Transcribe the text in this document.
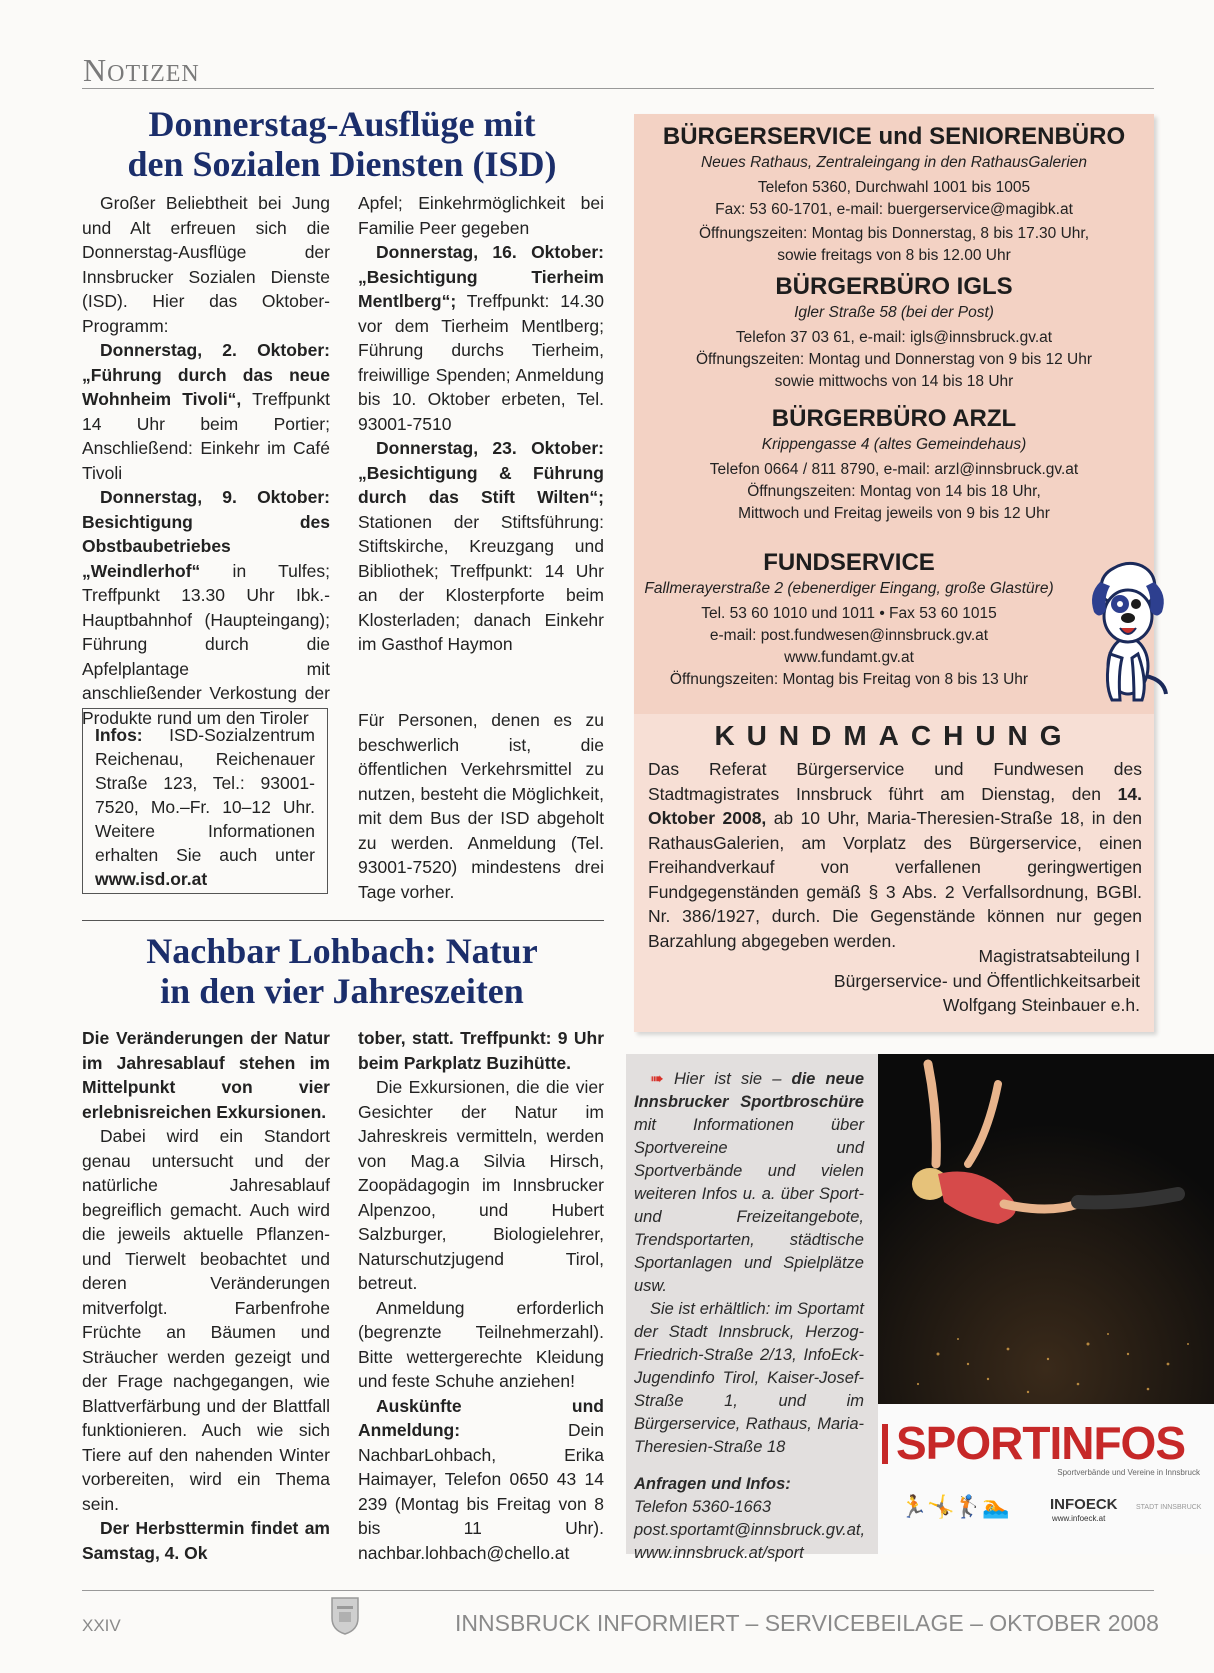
NOTIZEN
Donnerstag-Ausflüge mit
den Sozialen Diensten (ISD)

Großer Beliebtheit bei Jung und Alt erfreuen sich die Donnerstag-Ausflüge der Innsbrucker Sozialen Dienste (ISD). Hier das Oktober-Programm:

Donnerstag, 2. Oktober: „Führung durch das neue Wohnheim Tivoli“, Treffpunkt 14 Uhr beim Portier; Anschließend: Einkehr im Café Tivoli

Donnerstag, 9. Oktober: Besichtigung des Obstbaubetriebes „Weindlerhof“ in Tulfes; Treffpunkt 13.30 Uhr Ibk.-Hauptbahnhof (Haupteingang); Führung durch die Apfelplantage mit anschließender Verkostung der Produkte rund um den Tiroler

Apfel; Einkehrmöglichkeit bei Familie Peer gegeben

Donnerstag, 16. Oktober: „Besichtigung Tierheim Mentlberg“; Treffpunkt: 14.30 vor dem Tierheim Mentlberg; Führung durchs Tierheim, freiwillige Spenden; Anmeldung bis 10. Oktober erbeten, Tel. 93001-7510

Donnerstag, 23. Oktober: „Besichtigung & Führung durch das Stift Wilten“; Stationen der Stiftsführung: Stiftskirche, Kreuzgang und Bibliothek; Treffpunkt: 14 Uhr an der Klosterpforte beim Klosterladen; danach Einkehr im Gasthof Haymon

Infos: ISD-Sozialzentrum Reichenau, Reichenauer Straße 123, Tel.: 93001-7520, Mo.–Fr. 10–12 Uhr. Weitere Informationen erhalten Sie auch unter www.isd.or.at

Für Personen, denen es zu beschwerlich ist, die öffentlichen Verkehrsmittel zu nutzen, besteht die Möglichkeit, mit dem Bus der ISD abgeholt zu werden. Anmeldung (Tel. 93001-7520) mindestens drei Tage vorher.

Nachbar Lohbach: Natur
in den vier Jahreszeiten

Die Veränderungen der Natur im Jahresablauf stehen im Mittelpunkt von vier erlebnisreichen Exkursionen.

Dabei wird ein Standort genau untersucht und der natürliche Jahresablauf begreiflich gemacht. Auch wird die jeweils aktuelle Pflanzen- und Tierwelt beobachtet und deren Veränderungen mitverfolgt. Farbenfrohe Früchte an Bäumen und Sträucher werden gezeigt und der Frage nachgegangen, wie Blattverfärbung und der Blattfall funktionieren. Auch wie sich Tiere auf den nahenden Winter vorbereiten, wird ein Thema sein.

Der Herbsttermin findet am Samstag, 4. Ok

tober, statt. Treffpunkt: 9 Uhr beim Parkplatz Buzihütte.

Die Exkursionen, die die vier Gesichter der Natur im Jahreskreis vermitteln, werden von Mag.a Silvia Hirsch, Zoopädagogin im Innsbrucker Alpenzoo, und Hubert Salzburger, Biologielehrer, Naturschutzjugend Tirol, betreut.

Anmeldung erforderlich (begrenzte Teilnehmerzahl). Bitte wettergerechte Kleidung und feste Schuhe anziehen!

Auskünfte und Anmeldung: Dein NachbarLohbach, Erika Haimayer, Telefon 0650 43 14 239 (Montag bis Freitag von 8 bis 11 Uhr). nachbar.lohbach@chello.at

BÜRGERSERVICE und SENIORENBÜRO
Neues Rathaus, Zentraleingang in den RathausGalerien
Telefon 5360, Durchwahl 1001 bis 1005
Fax: 53 60-1701, e-mail: buergerservice@magibk.at
Öffnungszeiten: Montag bis Donnerstag, 8 bis 17.30 Uhr,
sowie freitags von 8 bis 12.00 Uhr
BÜRGERBÜRO IGLS
Igler Straße 58 (bei der Post)
Telefon 37 03 61, e-mail: igls@innsbruck.gv.at
Öffnungszeiten: Montag und Donnerstag von 9 bis 12 Uhr
sowie mittwochs von 14 bis 18 Uhr
BÜRGERBÜRO ARZL
Krippengasse 4 (altes Gemeindehaus)
Telefon 0664 / 811 8790, e-mail: arzl@innsbruck.gv.at
Öffnungszeiten: Montag von 14 bis 18 Uhr,
Mittwoch und Freitag jeweils von 9 bis 12 Uhr
FUNDSERVICE
Fallmerayerstraße 2 (ebenerdiger Eingang, große Glastüre)
Tel. 53 60 1010 und 1011 • Fax 53 60 1015
e-mail: post.fundwesen@innsbruck.gv.at
www.fundamt.gv.at
Öffnungszeiten: Montag bis Freitag von 8 bis 13 Uhr
KUNDMACHUNG
Das Referat Bürgerservice und Fundwesen des Stadtmagistrates Innsbruck führt am Dienstag, den 14. Oktober 2008, ab 10 Uhr, Maria-Theresien-Straße 18, in den RathausGalerien, am Vorplatz des Bürgerservice, einen Freihandverkauf von verfallenen geringwertigen Fundgegenständen gemäß § 3 Abs. 2 Verfallsordnung, BGBl. Nr. 386/1927, durch. Die Gegenstände können nur gegen Barzahlung abgegeben werden.
Magistratsabteilung I
Bürgerservice- und Öffentlichkeitsarbeit
Wolfgang Steinbauer e.h.

➠ Hier ist sie – die neue Innsbrucker Sportbroschüre mit Informationen über Sportvereine und Sportverbände und vielen weiteren Infos u. a. über Sport- und Freizeitangebote, Trendsportarten, städtische Sportanlagen und Spielplätze usw.

Sie ist erhältlich: im Sportamt der Stadt Innsbruck, Herzog-Friedrich-Straße 2/13, InfoEck-Jugendinfo Tirol, Kaiser-Josef-Straße 1, und im Bürgerservice, Rathaus, Maria-Theresien-Straße 18

Anfragen und Infos:
Telefon 5360-1663
post.sportamt@innsbruck.gv.at,
www.innsbruck.at/sport
SPORTINFOS
Sportverbände und Vereine in Innsbruck
🏃🤸🏌🏊	INFOECK
www.infoeck.at
STADT INNSBRUCK
XXIV	INNSBRUCK INFORMIERT – SERVICEBEILAGE – OKTOBER 2008
